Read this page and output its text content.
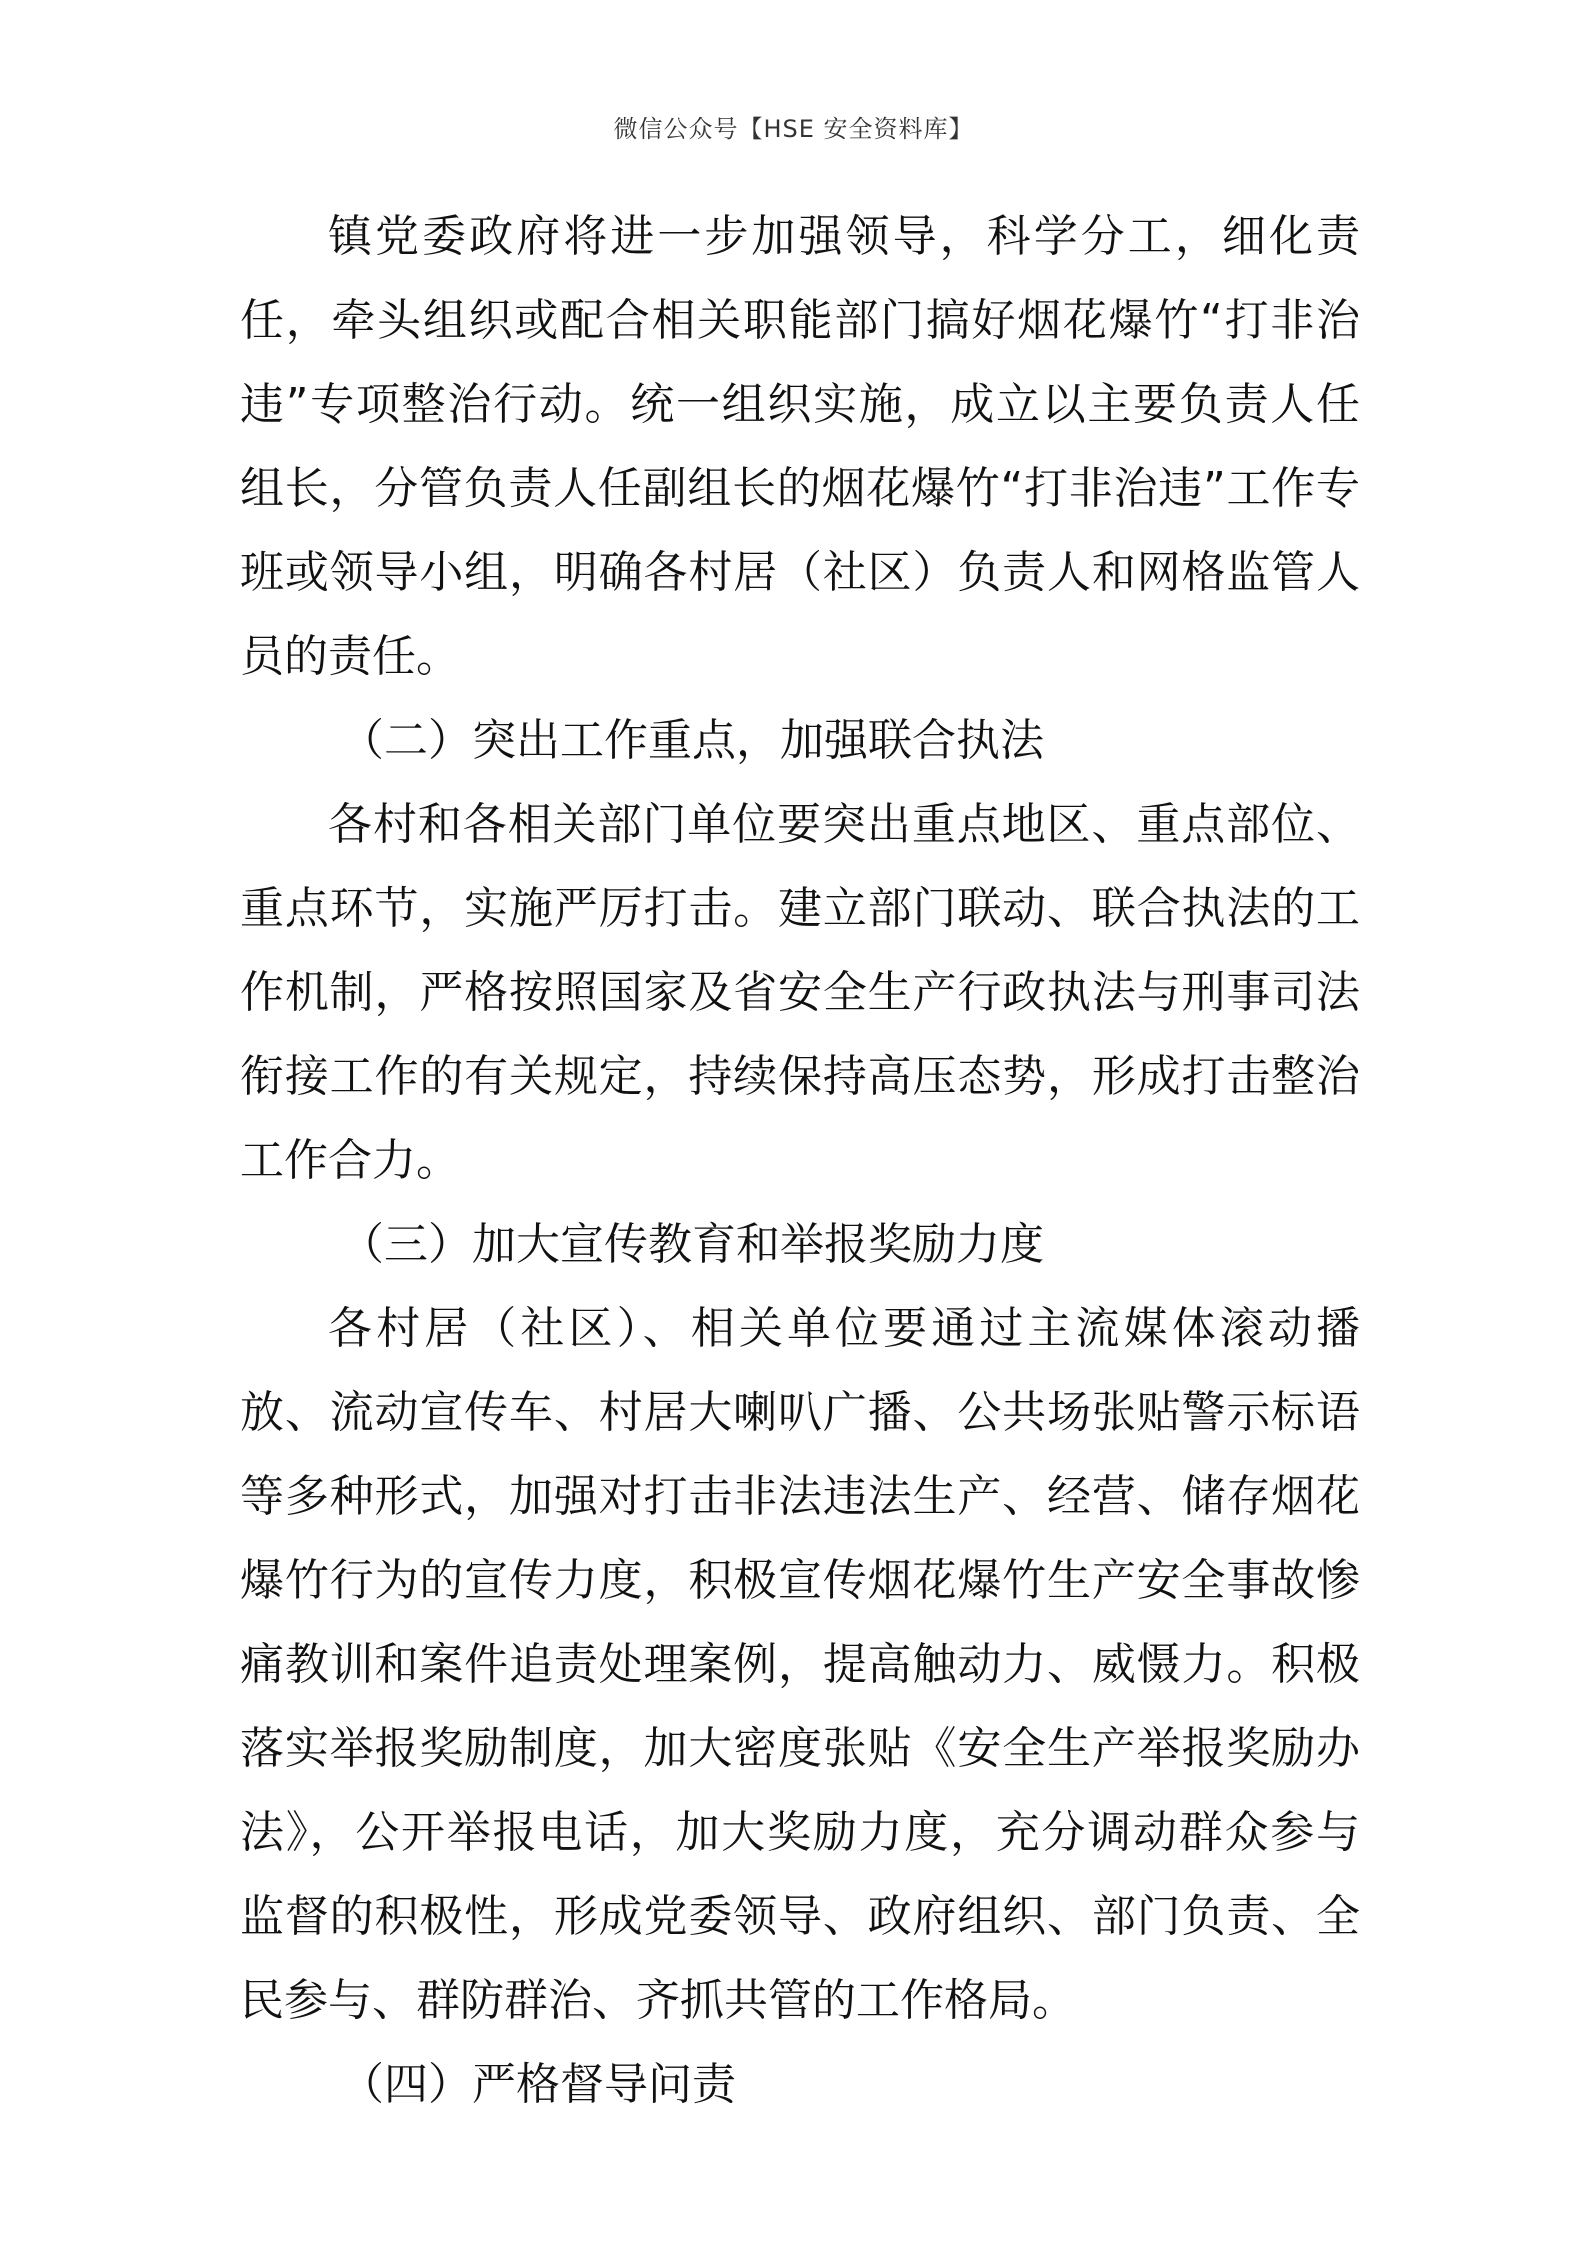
微信公众号【HSE 安全资料库】

镇党委政府将进一步加强领导，科学分工，细化责任，牵头组织或配合相关职能部门搞好烟花爆竹“打非治违”专项整治行动。统一组织实施，成立以主要负责人任组长，分管负责人任副组长的烟花爆竹“打非治违”工作专班或领导小组，明确各村居（社区）负责人和网格监管人员的责任。

（二）突出工作重点，加强联合执法

各村和各相关部门单位要突出重点地区、重点部位、重点环节，实施严厉打击。建立部门联动、联合执法的工作机制，严格按照国家及省安全生产行政执法与刑事司法衔接工作的有关规定，持续保持高压态势，形成打击整治工作合力。

（三）加大宣传教育和举报奖励力度

各村居（社区）、相关单位要通过主流媒体滚动播放、流动宣传车、村居大喇叭广播、公共场张贴警示标语等多种形式，加强对打击非法违法生产、经营、储存烟花爆竹行为的宣传力度，积极宣传烟花爆竹生产安全事故惨痛教训和案件追责处理案例，提高触动力、威慑力。积极落实举报奖励制度，加大密度张贴《安全生产举报奖励办法》，公开举报电话，加大奖励力度，充分调动群众参与监督的积极性，形成党委领导、政府组织、部门负责、全民参与、群防群治、齐抓共管的工作格局。

（四）严格督导问责
